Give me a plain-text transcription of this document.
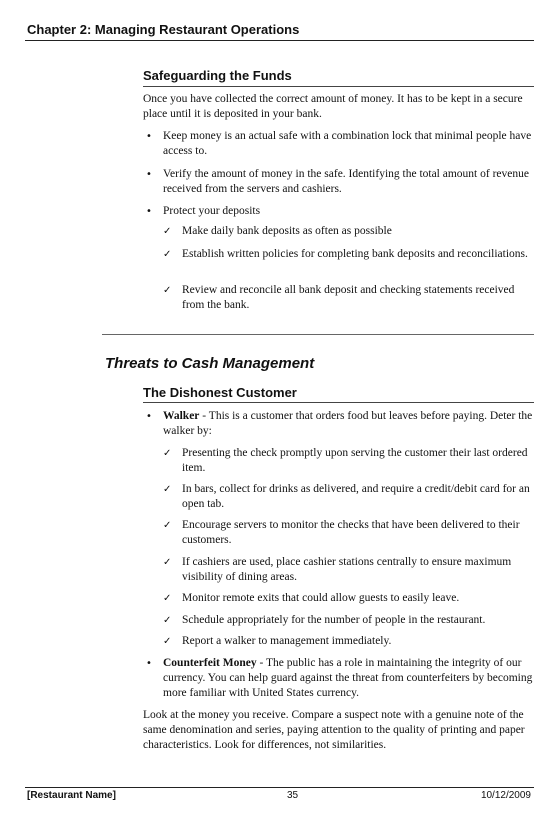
Chapter 2: Managing Restaurant Operations
Safeguarding the Funds
Once you have collected the correct amount of money. It has to be kept in a secure place until it is deposited in your bank.
• Keep money is an actual safe with a combination lock that minimal people have access to.
• Verify the amount of money in the safe. Identifying the total amount of revenue received from the servers and cashiers.
• Protect your deposits
✓ Make daily bank deposits as often as possible
✓ Establish written policies for completing bank deposits and reconciliations.
✓ Review and reconcile all bank deposit and checking statements received from the bank.
Threats to Cash Management
The Dishonest Customer
• Walker - This is a customer that orders food but leaves before paying. Deter the walker by:
✓ Presenting the check promptly upon serving the customer their last ordered item.
✓ In bars, collect for drinks as delivered, and require a credit/debit card for an open tab.
✓ Encourage servers to monitor the checks that have been delivered to their customers.
✓ If cashiers are used, place cashier stations centrally to ensure maximum visibility of dining areas.
✓ Monitor remote exits that could allow guests to easily leave.
✓ Schedule appropriately for the number of people in the restaurant.
✓ Report a walker to management immediately.
• Counterfeit Money - The public has a role in maintaining the integrity of our currency. You can help guard against the threat from counterfeiters by becoming more familiar with United States currency.
Look at the money you receive. Compare a suspect note with a genuine note of the same denomination and series, paying attention to the quality of printing and paper characteristics. Look for differences, not similarities.
[Restaurant Name]	35	10/12/2009
